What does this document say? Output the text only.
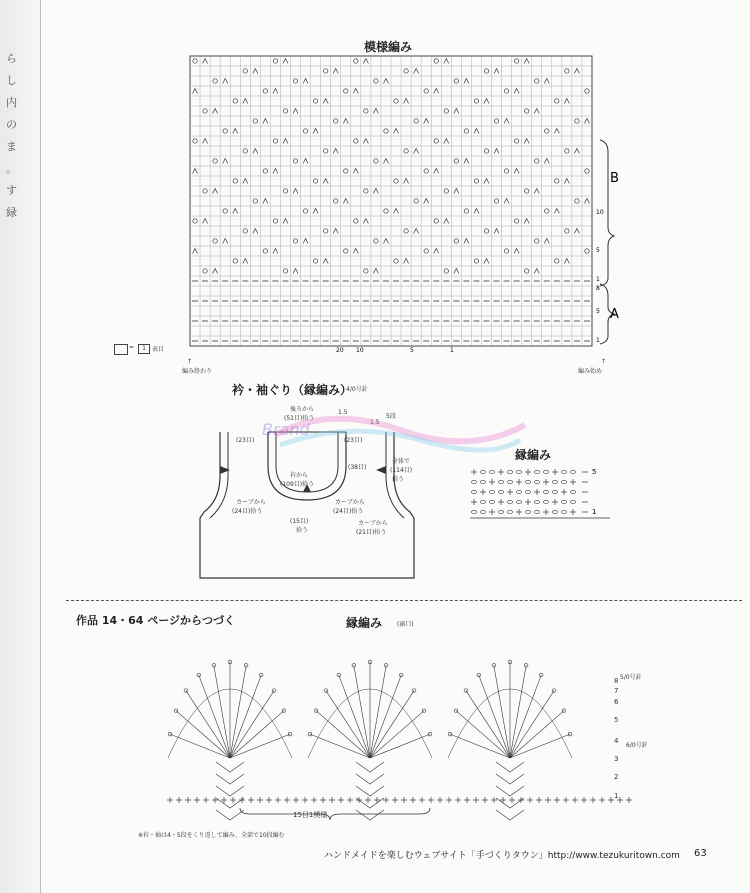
ら
し
内
の
ま
。
す
緑
模様編み
B
A
10
5
1
8
5
1
20 10	5	1
=	1	表目
↑
編み終わり
↑
編み始め
衿・袖ぐり（縁編み）
4/0号針
後ろから
(51目)拾う
1.5
(23目)	(23目)
(38目)
全体で
(114目)
拾う
衿から
(109目)拾う
カーブから
(24目)拾う
カーブから
(24目)拾う
(15目)
拾う
カーブから
(21目)拾う
1.5
5段
Brand
縁編み
5
1
作品 14・64 ページからつづく	縁編み (裾口)
5/0号針
6/0号針
8
7
6
5
4
3
2
1
15目1模様
※衿・袖は4・5段をくり返して編み、全部で10段編む
ハンドメイドを楽しむウェブサイト「手づくりタウン」http://www.tezukuritown.com 63
